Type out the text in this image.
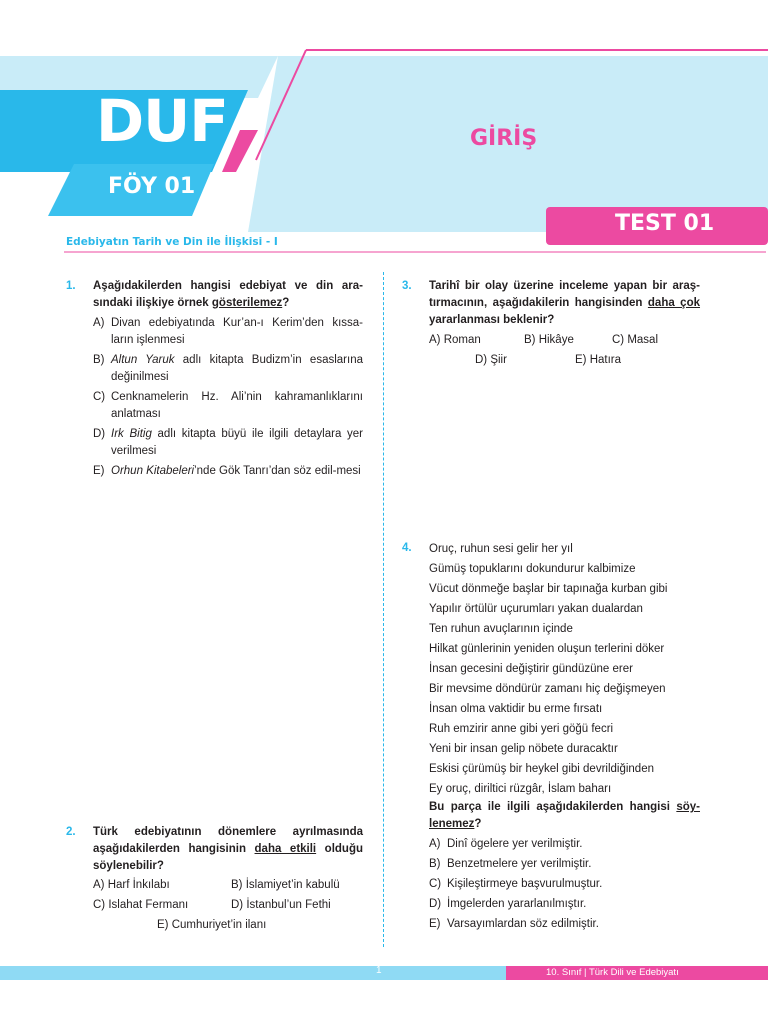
DUF
FÖY 01
GİRİŞ
TEST 01
Edebiyatın Tarih ve Din ile İlişkisi - I
1. Aşağıdakilerden hangisi edebiyat ve din ara-sındaki ilişkiye örnek gösterilemez?
A) Divan edebiyatında Kur’an-ı Kerim’den kıssa-ların işlenmesi
B) Altun Yaruk adlı kitapta Budizm’in esaslarına değinilmesi
C) Cenknamelerin Hz. Ali’nin kahramanlıklarını anlatması
D) Irk Bitig adlı kitapta büyü ile ilgili detaylara yer verilmesi
E) Orhun Kitabeleri’nde Gök Tanrı’dan söz edil-mesi
2. Türk edebiyatının dönemlere ayrılmasında aşağıdakilerden hangisinin daha etkili olduğu söylenebilir?
A) Harf İnkılabı	B) İslamiyet’in kabulü
C) Islahat Fermanı	D) İstanbul’un Fethi
E) Cumhuriyet’in ilanı
3. Tarihî bir olay üzerine inceleme yapan bir araş-tırmacının, aşağıdakilerin hangisinden daha çok yararlanması beklenir?
A) Roman	B) Hikâye	C) Masal
D) Şiir	E) Hatıra
4. Oruç, ruhun sesi gelir her yıl
Gümüş topuklarını dokundurur kalbimize
Vücut dönmeğe başlar bir tapınağa kurban gibi
Yapılır örtülür uçurumları yakan dualardan
Ten ruhun avuçlarının içinde
Hilkat günlerinin yeniden oluşun terlerini döker
İnsan gecesini değiştirir gündüzüne erer
Bir mevsime döndürür zamanı hiç değişmeyen
İnsan olma vaktidir bu erme fırsatı
Ruh emzirir anne gibi yeri göğü fecri
Yeni bir insan gelip nöbete duracaktır
Eskisi çürümüş bir heykel gibi devrildiğinden
Ey oruç, diriltici rüzgâr, İslam baharı
Bu parça ile ilgili aşağıdakilerden hangisi söy-lenemez?
A) Dinî ögelere yer verilmiştir.
B) Benzetmelere yer verilmiştir.
C) Kişileştirmeye başvurulmuştur.
D) İmgelerden yararlanılmıştır.
E) Varsayımlardan söz edilmiştir.
1	10. Sınıf | Türk Dili ve Edebiyatı
